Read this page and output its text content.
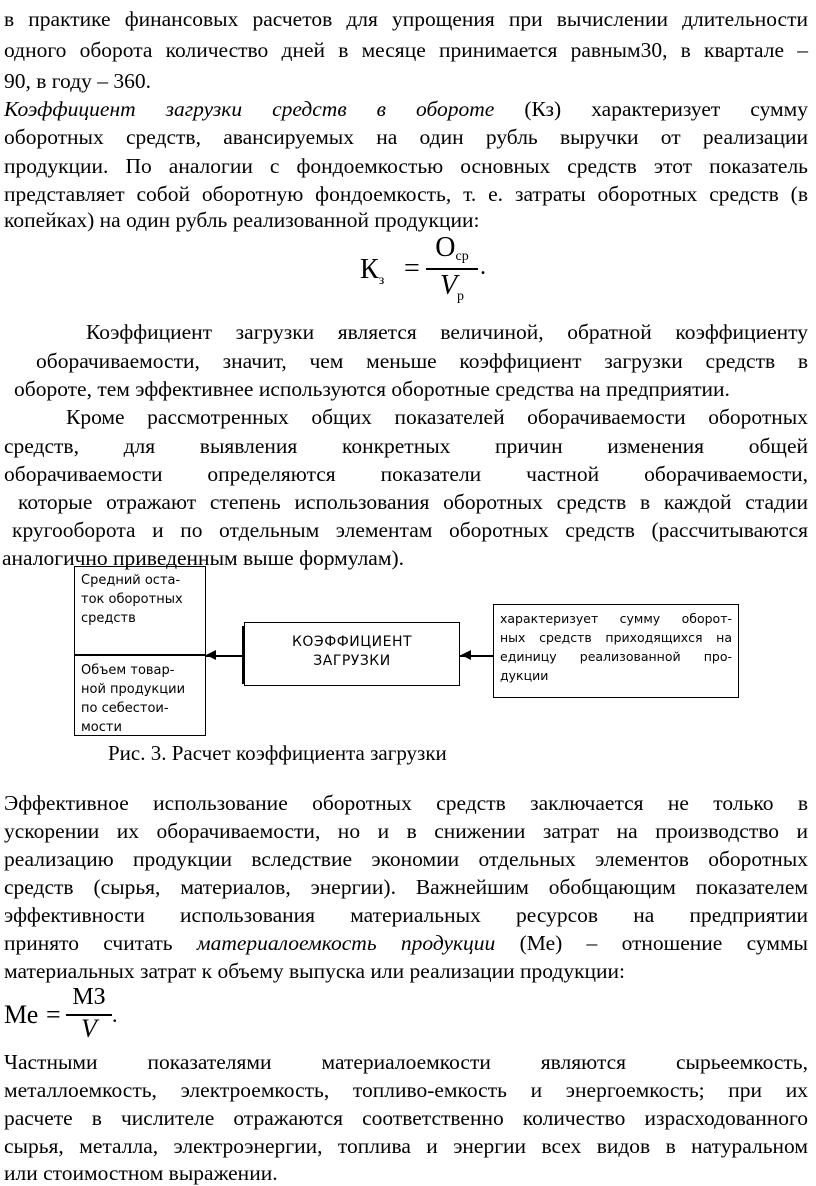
в практике финансовых расчетов для упрощения при вычислении длительности
одного оборота количество дней в месяце принимается равным30, в квартале –
90, в году – 360.
Коэффициент загрузки средств в обороте (Кз) характеризует сумму
оборотных средств, авансируемых на один рубль выручки от реализации
продукции. По аналогии с фондоемкостью основных средств этот показатель
представляет собой оборотную фондоемкость, т. е. затраты оборотных средств (в
копейках) на один рубль реализованной продукции:
$К_з$ =
Оср
$V_р$
.
Коэффициент загрузки является величиной, обратной коэффициенту
оборачиваемости, значит, чем меньше коэффициент загрузки средств в
обороте, тем эффективнее используются оборотные средства на предприятии.
Кроме рассмотренных общих показателей оборачиваемости оборотных
средств, для выявления конкретных причин изменения общей
оборачиваемости определяются показатели частной оборачиваемости,
которые отражают степень использования оборотных средств в каждой стадии
кругооборота и по отдельным элементам оборотных средств (рассчитываются
аналогично приведенным выше формулам).
Средний оста-
ток оборотных
средств
Объем товар-
ной продукции
по себестои-
мости
КОЭФФИЦИЕНТ
ЗАГРУЗКИ
характеризует сумму оборот-
ных средств приходящихся на
единицу реализованной про-
дукции
Рис. 3. Расчет коэффициента загрузки
Эффективное использование оборотных средств заключается не только в
ускорении их оборачиваемости, но и в снижении затрат на производство и
реализацию продукции вследствие экономии отдельных элементов оборотных
средств (сырья, материалов, энергии). Важнейшим обобщающим показателем
эффективности использования материальных ресурсов на предприятии
принято считать материалоемкость продукции (Ме) – отношение суммы
материальных затрат к объему выпуска или реализации продукции:
Ме =
МЗ
V .
Частными показателями материалоемкости являются сырьеемкость,
металлоемкость, электроемкость, топливо-емкость и энергоемкость; при их
расчете в числителе отражаются соответственно количество израсходованного
сырья, металла, электроэнергии, топлива и энергии всех видов в натуральном
или стоимостном выражении.
